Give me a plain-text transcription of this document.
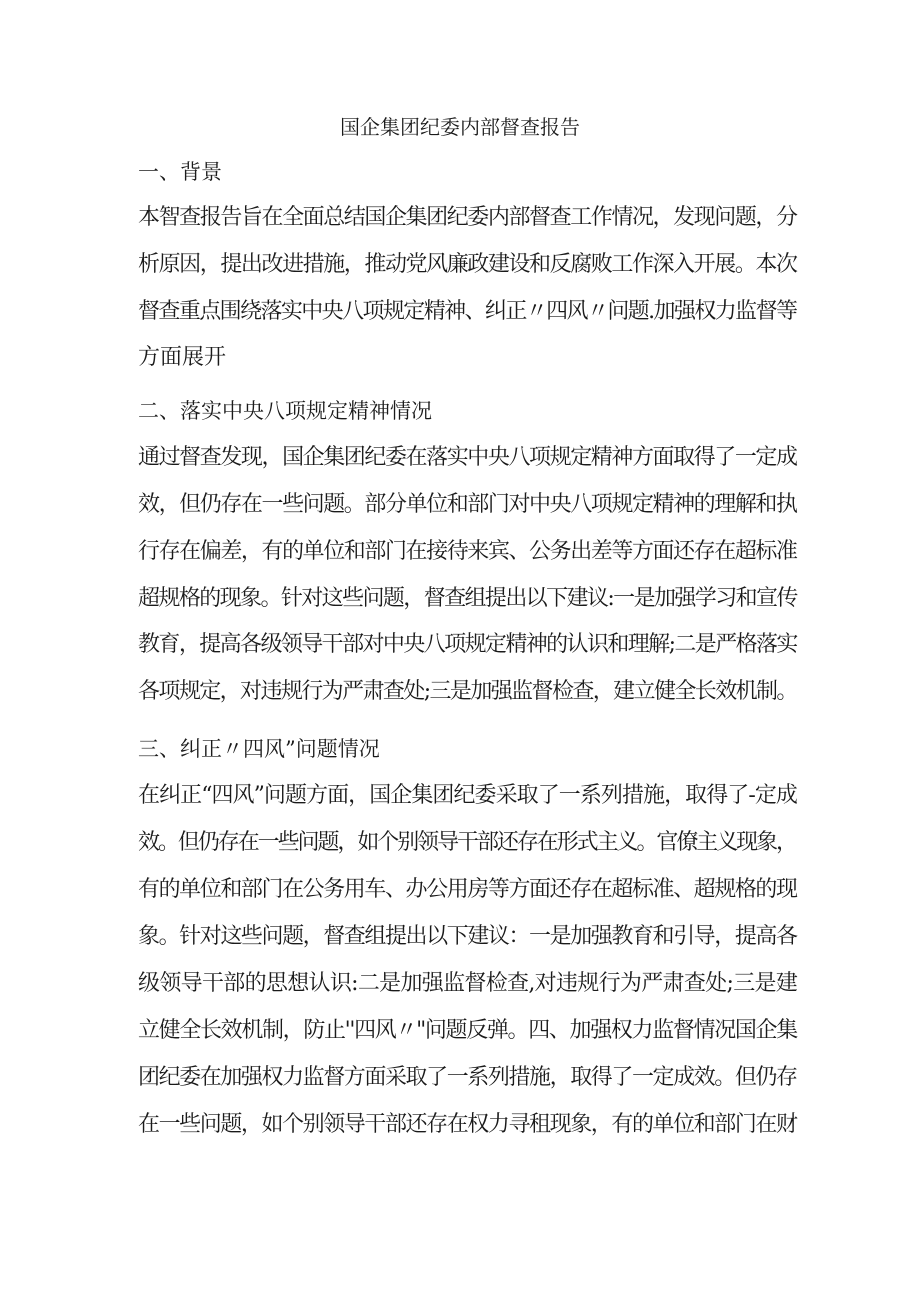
国企集团纪委内部督查报告
一、背景
本智查报告旨在全面总结国企集团纪委内部督查工作情况，发现问题，分
析原因，提出改进措施，推动党风廉政建设和反腐败工作深入开展。本次
督查重点围绕落实中央八项规定精神、纠正〃四风〃问题.加强权力监督等
方面展开
二、落实中央八项规定精神情况
通过督查发现，国企集团纪委在落实中央八项规定精神方面取得了一定成
效，但仍存在一些问题。部分单位和部门对中央八项规定精神的理解和执
行存在偏差，有的单位和部门在接待来宾、公务出差等方面还存在超标准
超规格的现象。针对这些问题，督查组提出以下建议:一是加强学习和宣传
教育，提高各级领导干部对中央八项规定精神的认识和理解;二是严格落实
各项规定，对违规行为严肃查处;三是加强监督检查，建立健全长效机制。
三、纠正〃四风”问题情况
在纠正“四风”问题方面，国企集团纪委采取了一系列措施，取得了-定成
效。但仍存在一些问题，如个别领导干部还存在形式主义。官僚主义现象，
有的单位和部门在公务用车、办公用房等方面还存在超标准、超规格的现
象。针对这些问题，督查组提出以下建议：一是加强教育和引导，提高各
级领导干部的思想认识:二是加强监督检查,对违规行为严肃查处;三是建
立健全长效机制，防止''四风〃"问题反弹。四、加强权力监督情况国企集
团纪委在加强权力监督方面采取了一系列措施，取得了一定成效。但仍存
在一些问题，如个别领导干部还存在权力寻租现象，有的单位和部门在财
